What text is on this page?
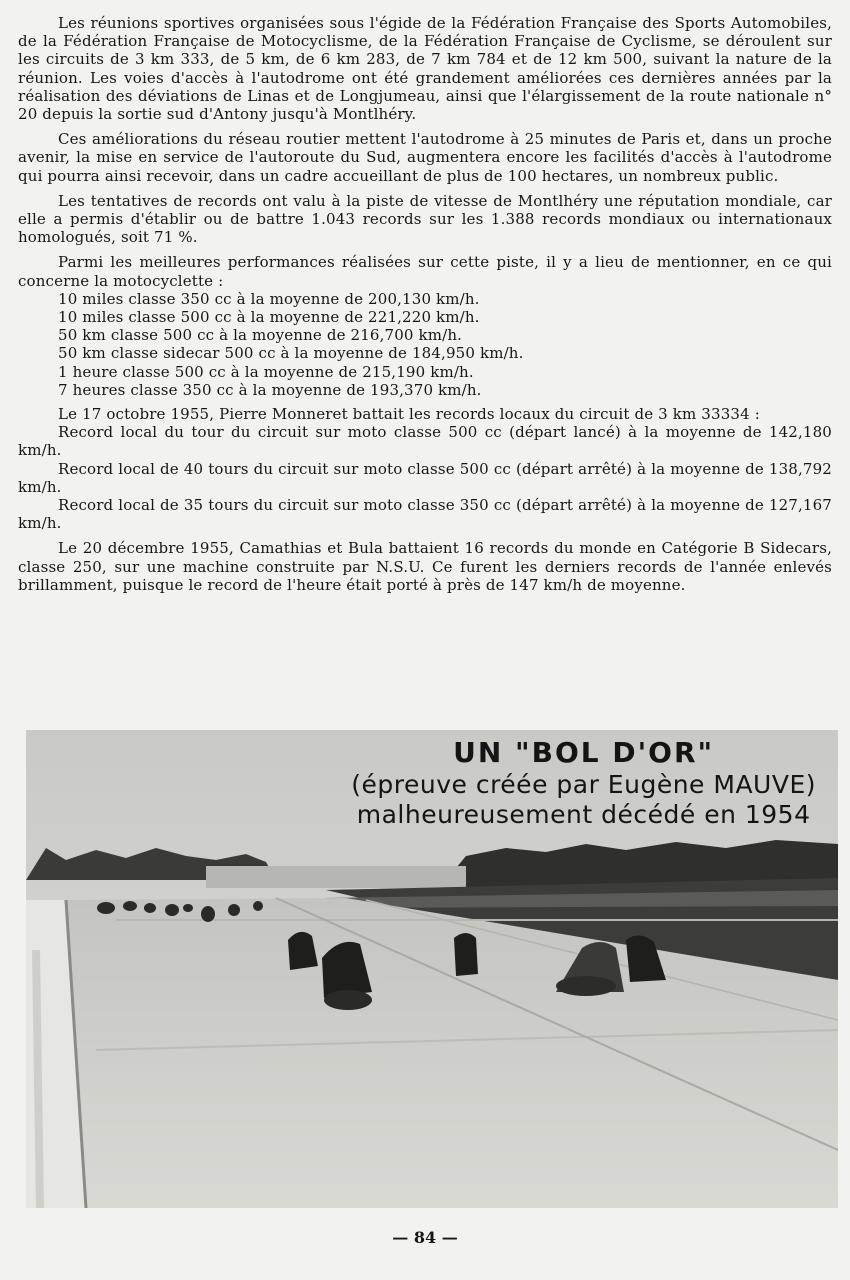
Les réunions sportives organisées sous l'égide de la Fédération Française des Sports Automobiles, de la Fédération Française de Motocyclisme, de la Fédération Française de Cyclisme, se déroulent sur les circuits de 3 km 333, de 5 km, de 6 km 283, de 7 km 784 et de 12 km 500, suivant la nature de la réunion. Les voies d'accès à l'autodrome ont été grandement améliorées ces dernières années par la réalisation des déviations de Linas et de Longjumeau, ainsi que l'élargissement de la route nationale n° 20 depuis la sortie sud d'Antony jusqu'à Montlhéry.

Ces améliorations du réseau routier mettent l'autodrome à 25 minutes de Paris et, dans un proche avenir, la mise en service de l'autoroute du Sud, augmentera encore les facilités d'accès à l'autodrome qui pourra ainsi recevoir, dans un cadre accueillant de plus de 100 hectares, un nombreux public.

Les tentatives de records ont valu à la piste de vitesse de Montlhéry une réputation mondiale, car elle a permis d'établir ou de battre 1.043 records sur les 1.388 records mondiaux ou internationaux homologués, soit 71 %.

Parmi les meilleures performances réalisées sur cette piste, il y a lieu de mentionner, en ce qui concerne la motocyclette :

10 miles classe 350 cc à la moyenne de 200,130 km/h.
10 miles classe 500 cc à la moyenne de 221,220 km/h.
50 km classe 500 cc à la moyenne de 216,700 km/h.
50 km classe sidecar 500 cc à la moyenne de 184,950 km/h.
1 heure classe 500 cc à la moyenne de 215,190 km/h.
7 heures classe 350 cc à la moyenne de 193,370 km/h.

Le 17 octobre 1955, Pierre Monneret battait les records locaux du circuit de 3 km 33334 :

Record local du tour du circuit sur moto classe 500 cc (départ lancé) à la moyenne de 142,180 km/h.

Record local de 40 tours du circuit sur moto classe 500 cc (départ arrêté) à la moyenne de 138,792 km/h.

Record local de 35 tours du circuit sur moto classe 350 cc (départ arrêté) à la moyenne de 127,167 km/h.

Le 20 décembre 1955, Camathias et Bula battaient 16 records du monde en Catégorie B Sidecars, classe 250, sur une machine construite par N.S.U. Ce furent les derniers records de l'année enlevés brillamment, puisque le record de l'heure était porté à près de 147 km/h de moyenne.

UN "BOL D'OR"
(épreuve créée par Eugène MAUVE)
malheureusement décédé en 1954
— 84 —
